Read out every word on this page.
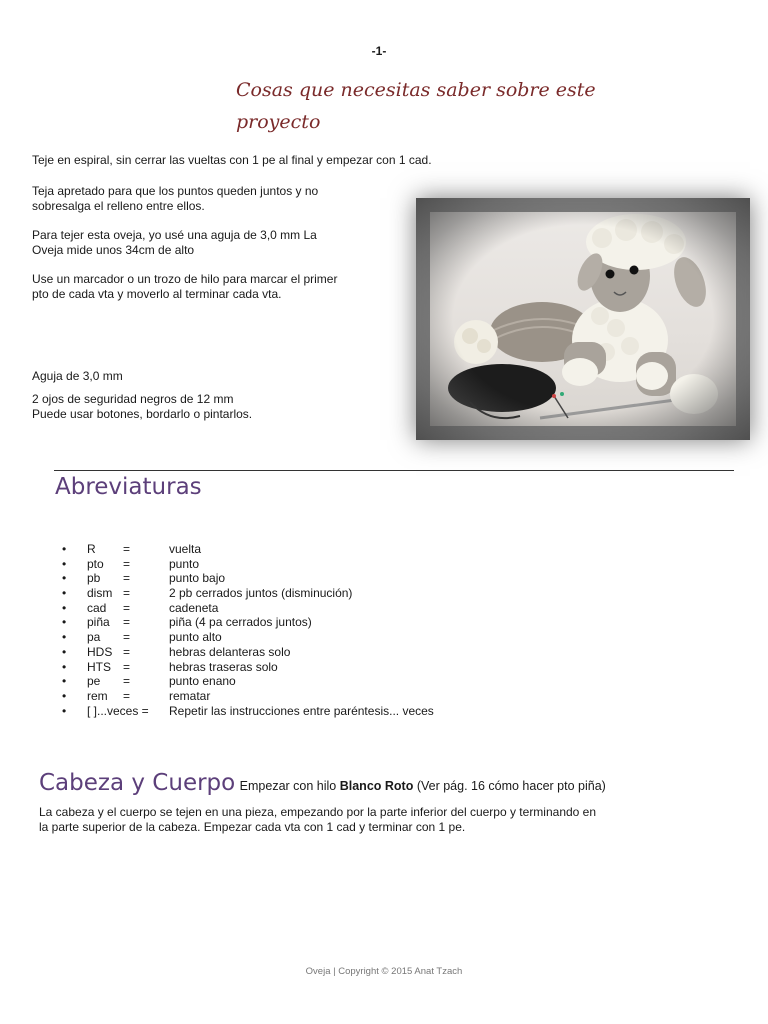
-1-
Cosas que necesitas saber sobre este
proyecto
Teje en espiral, sin cerrar las vueltas con 1 pe al final y empezar con 1 cad.
Teja apretado para que los puntos queden juntos y no
sobresalga el relleno entre ellos.
Para tejer esta oveja, yo usé una aguja de 3,0 mm La
Oveja mide unos 34cm de alto
Use un marcador o un trozo de hilo para marcar el primer
pto de cada vta y moverlo al terminar cada vta.
Aguja de 3,0 mm
2 ojos de seguridad negros de 12 mm
Puede usar botones, bordarlo o pintarlos.
Abreviaturas
• R =	vuelta
• pto =	punto
• pb =	punto bajo
• dism =	2 pb cerrados juntos (disminución)
• cad =	cadeneta
• piña =	piña (4 pa cerrados juntos)
• pa =	punto alto
• HDS =	hebras delanteras solo
• HTS =	hebras traseras solo
• pe =	punto enano
• rem =	rematar
• [ ]...veces = Repetir las instrucciones entre paréntesis... veces
Cabeza y Cuerpo Empezar con hilo Blanco Roto (Ver pág. 16 cómo hacer pto piña)
La cabeza y el cuerpo se tejen en una pieza, empezando por la parte inferior del cuerpo y terminando en
la parte superior de la cabeza. Empezar cada vta con 1 cad y terminar con 1 pe.
Oveja | Copyright © 2015 Anat Tzach
